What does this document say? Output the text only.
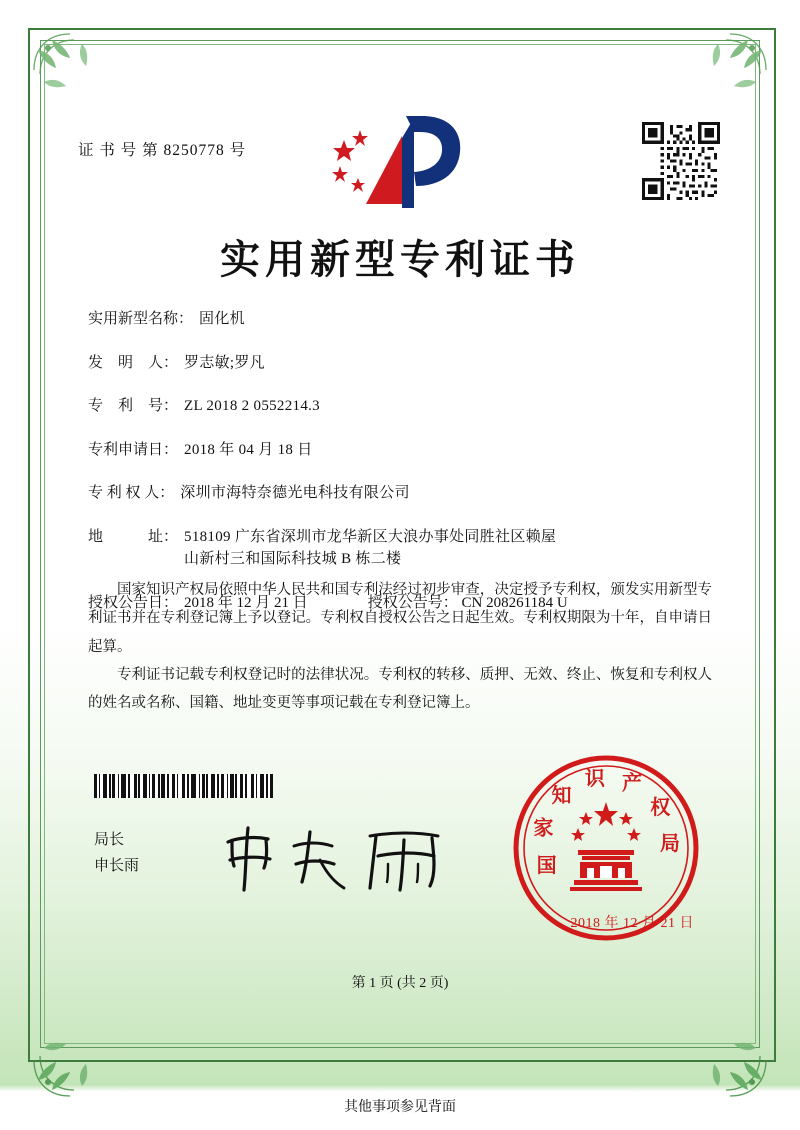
证 书 号 第 8250778 号
实用新型专利证书
实用新型名称： 固化机
发　明　人： 罗志敏;罗凡
专　利　号： ZL 2018 2 0552214.3
专利申请日： 2018 年 04 月 18 日
专 利 权 人： 深圳市海特奈德光电科技有限公司
地　　　址： 518109 广东省深圳市龙华新区大浪办事处同胜社区赖屋
山新村三和国际科技城 B 栋二楼
授权公告日： 2018 年 12 月 21 日	授权公告号： CN 208261184 U

国家知识产权局依照中华人民共和国专利法经过初步审查，决定授予专利权，颁发实用新型专利证书并在专利登记簿上予以登记。专利权自授权公告之日起生效。专利权期限为十年，自申请日起算。

专利证书记载专利权登记时的法律状况。专利权的转移、质押、无效、终止、恢复和专利权人的姓名或名称、国籍、地址变更等事项记载在专利登记簿上。

局长
申长雨	国
家
知
识 产
权
局
2018 年 12 月 21 日
第 1 页 (共 2 页)
其他事项参见背面
